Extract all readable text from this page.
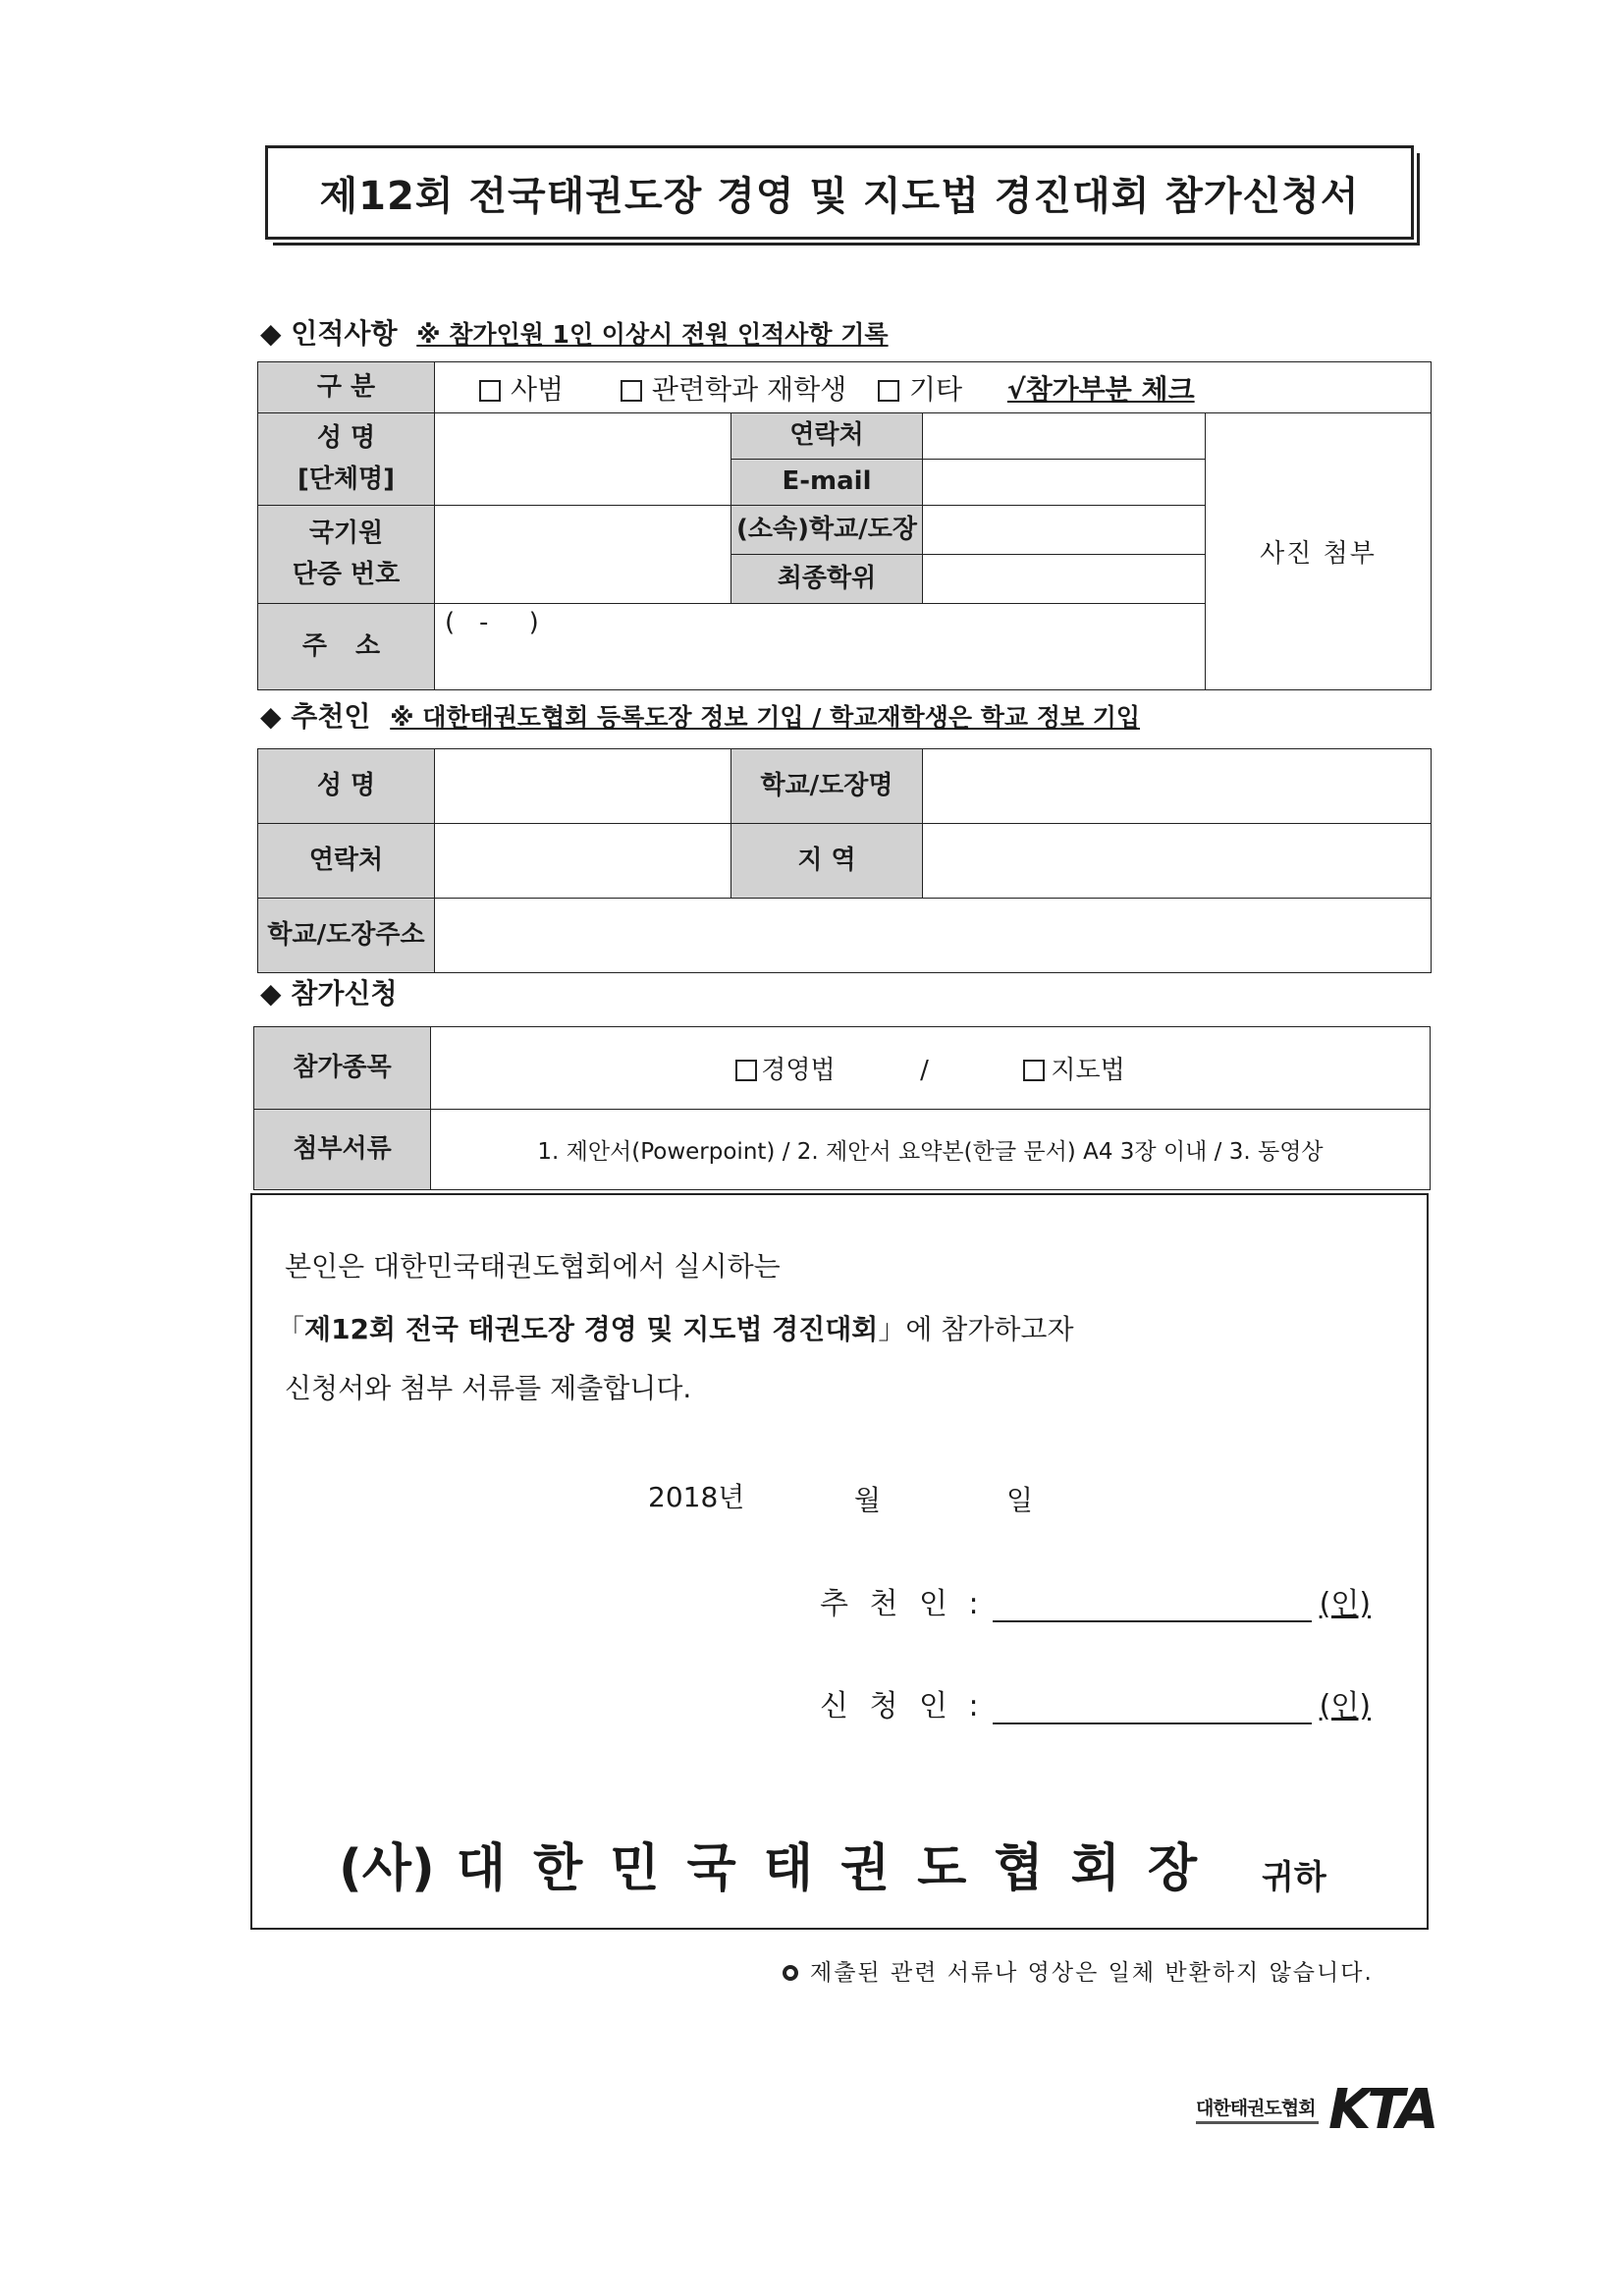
제12회 전국태권도장 경영 및 지도법 경진대회 참가신청서
◆ 인적사항 ※ 참가인원 1인 이상시 전원 인적사항 기록
구 분	사범 관련학과 재학생 기타 √참가부분 체크			

성 명
[단체명]		연락처		사진 첨부
		E-mail		

국기원
단증 번호		(소속)학교/도장		
		최종학위		

주 소	(   -     )			
◆ 추천인 ※ 대한태권도협회 등록도장 정보 기입 / 학교재학생은 학교 정보 기입
성 명		학교/도장명	
연락처		지 역	
학교/도장주소			
◆ 참가신청
참가종목	경영법 / 지도법
첨부서류	1. 제안서(Powerpoint) / 2. 제안서 요약본(한글 문서) A4 3장 이내 / 3. 동영상
본인은 대한민국태권도협회에서 실시하는
「제12회 전국 태권도장 경영 및 지도법 경진대회」에 참가하고자
신청서와 첨부 서류를 제출합니다.
2018년	월	일
추 천 인 :	(인)
신 청 인 :	(인)
(사) 대한민국태권도협회장 귀하
제출된 관련 서류나 영상은 일체 반환하지 않습니다.
대한태권도협회 KTA
